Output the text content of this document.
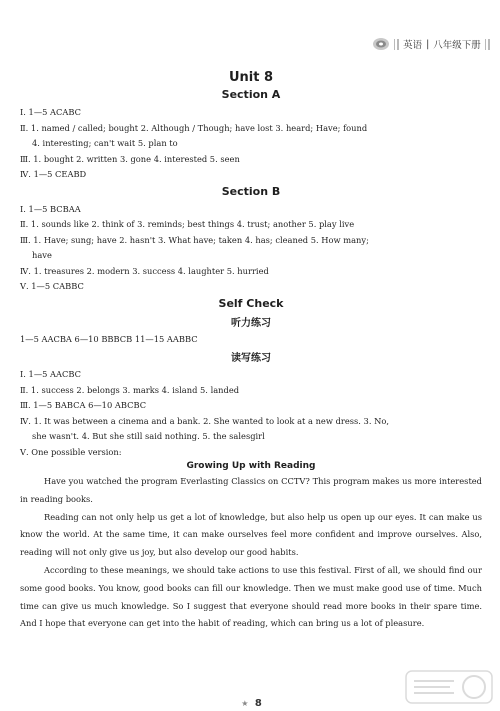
英语 | 八年级下册
Unit 8
Section A
Ⅰ. 1—5 ACABC
Ⅱ. 1. named / called; bought 2. Although / Though; have lost 3. heard; Have; found
4. interesting; can't wait 5. plan to
Ⅲ. 1. bought 2. written 3. gone 4. interested 5. seen
Ⅳ. 1—5 CEABD
Section B
Ⅰ. 1—5 BCBAA
Ⅱ. 1. sounds like 2. think of 3. reminds; best things 4. trust; another 5. play live
Ⅲ. 1. Have; sung; have 2. hasn't 3. What have; taken 4. has; cleaned 5. How many;
have
Ⅳ. 1. treasures 2. modern 3. success 4. laughter 5. hurried
Ⅴ. 1—5 CABBC
Self Check
听力练习
1—5 AACBA 6—10 BBBCB 11—15 AABBC
读写练习
Ⅰ. 1—5 AACBC
Ⅱ. 1. success 2. belongs 3. marks 4. island 5. landed
Ⅲ. 1—5 BABCA 6—10 ABCBC
Ⅳ. 1. It was between a cinema and a bank. 2. She wanted to look at a new dress. 3. No,
she wasn't. 4. But she still said nothing. 5. the salesgirl
Ⅴ. One possible version:
Growing Up with Reading

Have you watched the program Everlasting Classics on CCTV? This program makes us more interested in reading books.

Reading can not only help us get a lot of knowledge, but also help us open up our eyes. It can make us know the world. At the same time, it can make ourselves feel more confident and improve ourselves. Also, reading will not only give us joy, but also develop our good habits.

According to these meanings, we should take actions to use this festival. First of all, we should find our some good books. You know, good books can fill our knowledge. Then we must make good use of time. Much time can give us much knowledge. So I suggest that everyone should read more books in their spare time. And I hope that everyone can get into the habit of reading, which can bring us a lot of pleasure.

★ 8
